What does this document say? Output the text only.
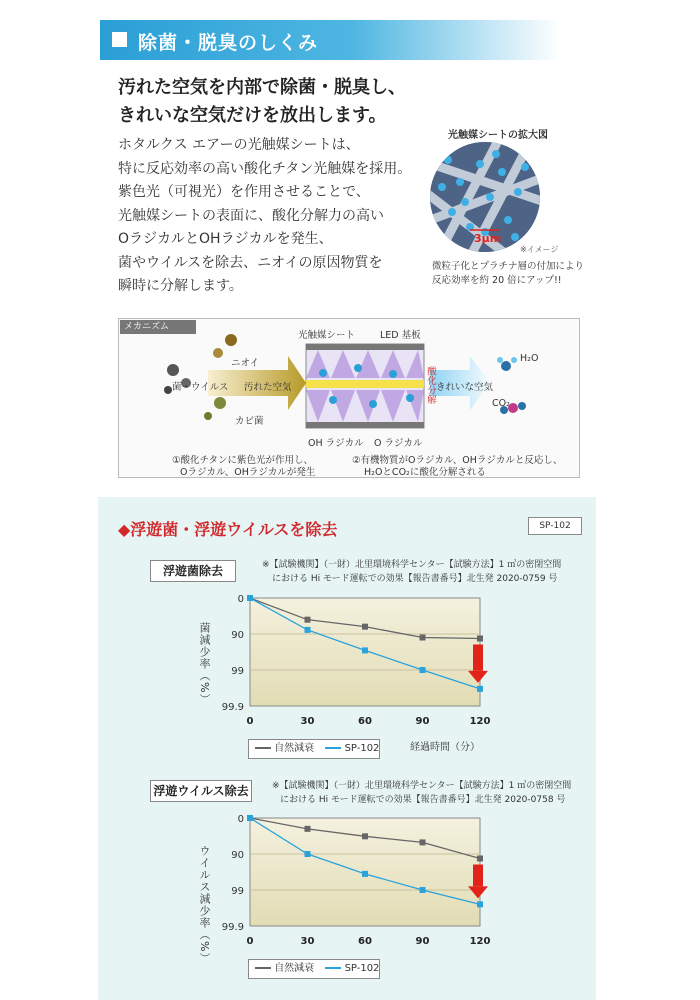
除菌・脱臭のしくみ
汚れた空気を内部で除菌・脱臭し、
きれいな空気だけを放出します。
ホタルクス エアーの光触媒シートは、
特に反応効率の高い酸化チタン光触媒を採用。
紫色光（可視光）を作用させることで、
光触媒シートの表面に、酸化分解力の高い
OラジカルとOHラジカルを発生、
菌やウイルスを除去、ニオイの原因物質を
瞬時に分解します。
光触媒シートの拡大図
3μm
※イメージ
微粒子化とプラチナ層の付加により
反応効率を約 20 倍にアップ!!
メカニズム
ニオイ
菌・ウイルス
カビ菌
汚れた空気
光触媒シート	LED 基板
酸化分解 きれいな空気
H₂O
CO₂
OH ラジカル O ラジカル
①酸化チタンに紫色光が作用し、
Oラジカル、OHラジカルが発生
②有機物質がOラジカル、OHラジカルと反応し、
H₂OとCO₂に酸化分解される
◆浮遊菌・浮遊ウイルスを除去	SP-102
浮遊菌除去	※【試験機関】（一財）北里環境科学センター【試験方法】1 ㎥の密閉空間
における Hi モード運転での効果【報告書番号】北生発 2020-0759 号
菌減少率（%）
0
90
99
99.9
0	30	60	90	120
自然減衰	SP-102	経過時間（分）
浮遊ウイルス除去	※【試験機関】（一財）北里環境科学センター【試験方法】1 ㎥の密閉空間
における Hi モード運転での効果【報告書番号】北生発 2020-0758 号
ウイルス減少率（%）
0
90
99
99.9
0	30	60	90	120
自然減衰	SP-102
